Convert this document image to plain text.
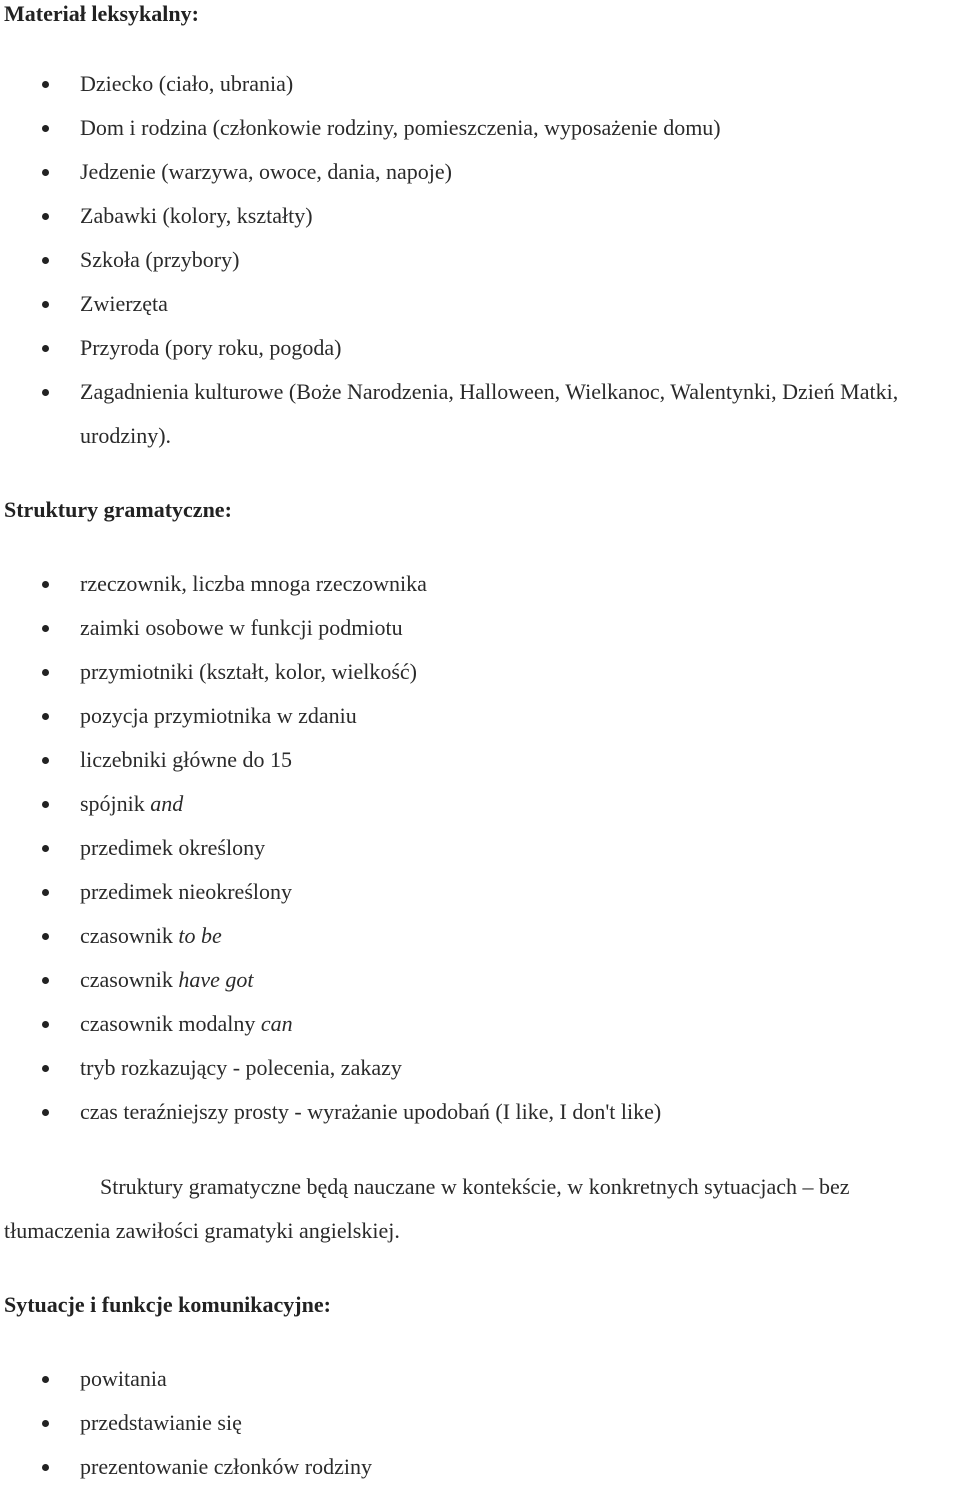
Materiał leksykalny:
Dziecko (ciało, ubrania)
Dom i rodzina (członkowie rodziny, pomieszczenia, wyposażenie domu)
Jedzenie (warzywa, owoce, dania, napoje)
Zabawki (kolory, kształty)
Szkoła (przybory)
Zwierzęta
Przyroda (pory roku, pogoda)
Zagadnienia kulturowe (Boże Narodzenia, Halloween, Wielkanoc, Walentynki, Dzień Matki, urodziny).
Struktury gramatyczne:
rzeczownik, liczba mnoga rzeczownika
zaimki osobowe w funkcji podmiotu
przymiotniki (kształt, kolor, wielkość)
pozycja przymiotnika w zdaniu
liczebniki główne do 15
spójnik and
przedimek określony
przedimek nieokreślony
czasownik to be
czasownik have got
czasownik modalny can
tryb rozkazujący - polecenia, zakazy
czas teraźniejszy prosty - wyrażanie upodobań (I like, I don't like)

Struktury gramatyczne będą nauczane w kontekście, w konkretnych sytuacjach – bez tłumaczenia zawiłości gramatyki angielskiej.

Sytuacje i funkcje komunikacyjne:
powitania
przedstawianie się
prezentowanie członków rodziny
